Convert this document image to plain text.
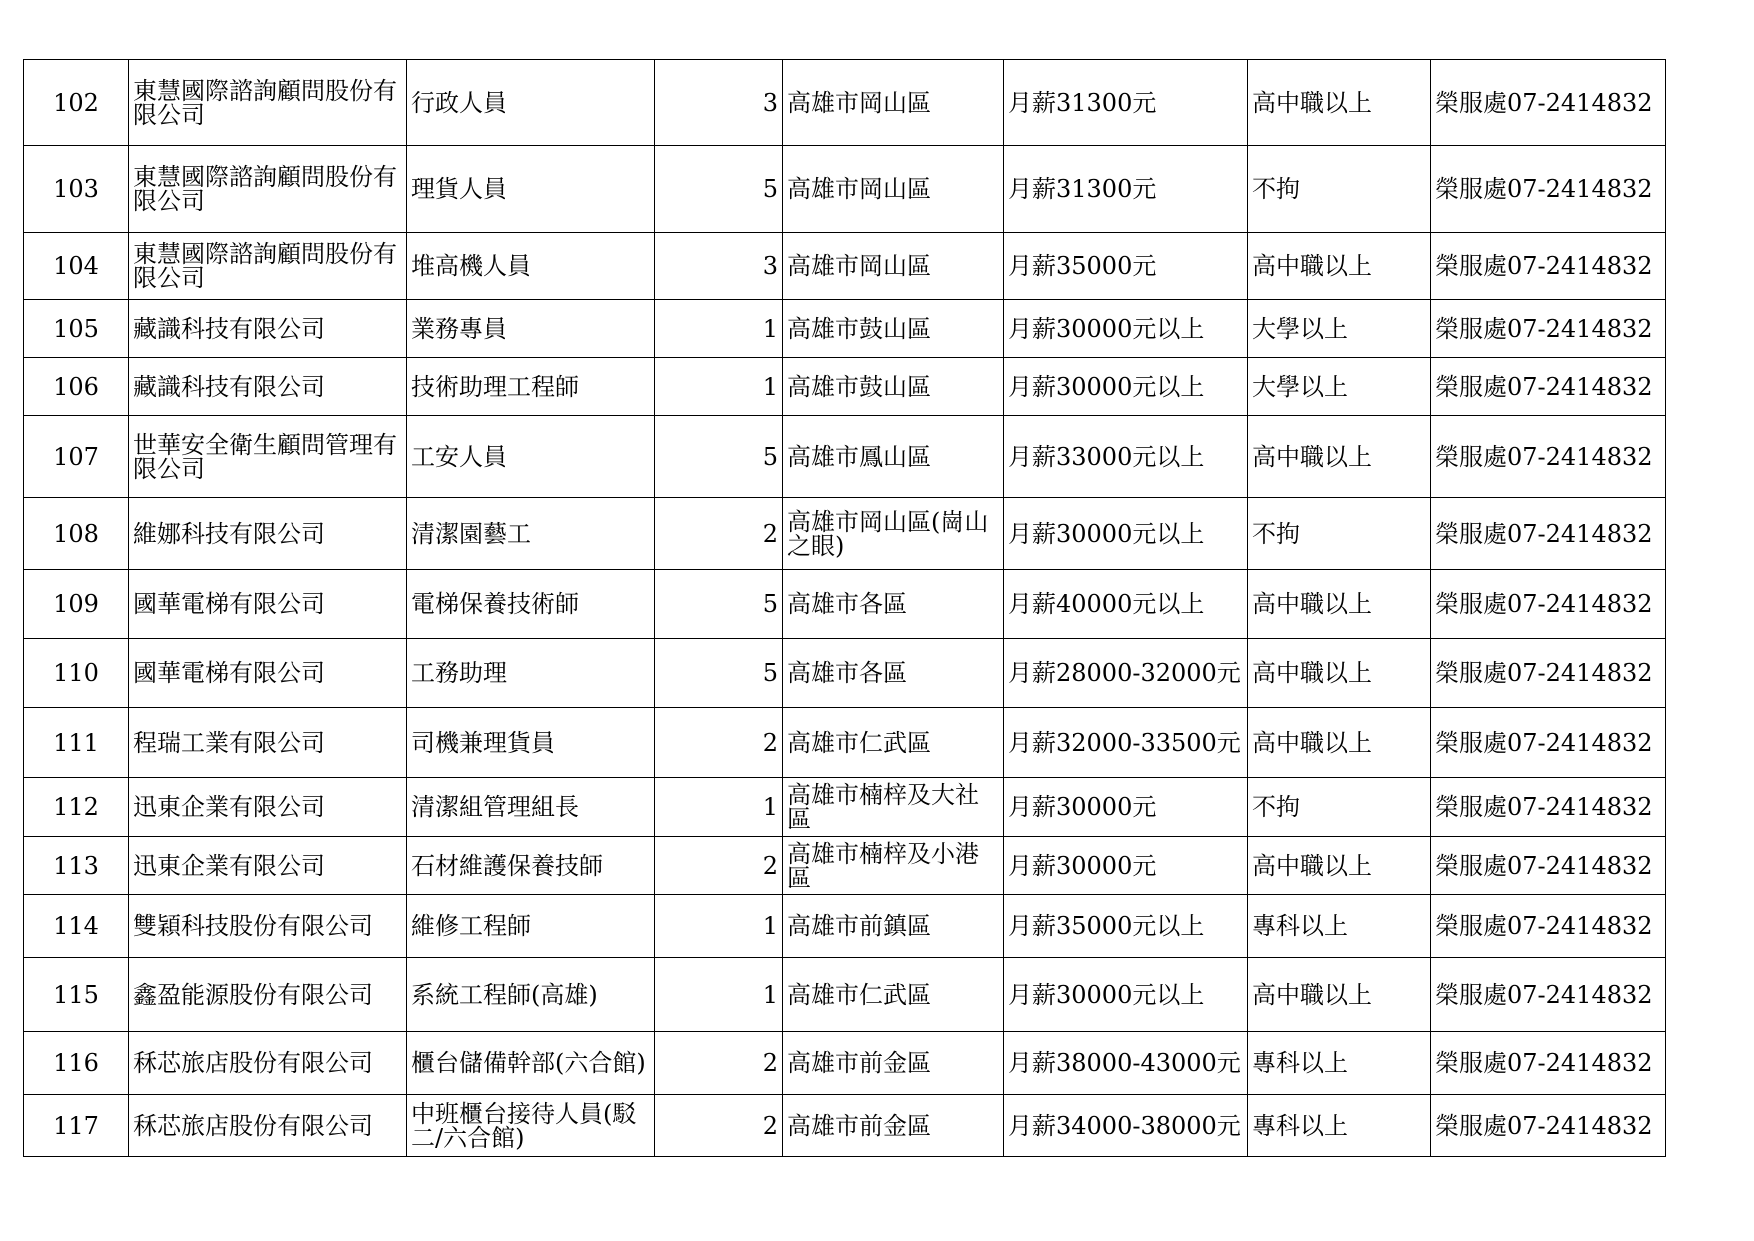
102	東慧國際諮詢顧問股份有限公司	行政人員	3	高雄市岡山區	月薪31300元	高中職以上	榮服處07-2414832
103	東慧國際諮詢顧問股份有限公司	理貨人員	5	高雄市岡山區	月薪31300元	不拘	榮服處07-2414832
104	東慧國際諮詢顧問股份有限公司	堆高機人員	3	高雄市岡山區	月薪35000元	高中職以上	榮服處07-2414832
105	藏識科技有限公司	業務專員	1	高雄市鼓山區	月薪30000元以上	大學以上	榮服處07-2414832
106	藏識科技有限公司	技術助理工程師	1	高雄市鼓山區	月薪30000元以上	大學以上	榮服處07-2414832
107	世華安全衛生顧問管理有限公司	工安人員	5	高雄市鳳山區	月薪33000元以上	高中職以上	榮服處07-2414832
108	維娜科技有限公司	清潔園藝工	2	高雄市岡山區(崗山之眼)	月薪30000元以上	不拘	榮服處07-2414832
109	國華電梯有限公司	電梯保養技術師	5	高雄市各區	月薪40000元以上	高中職以上	榮服處07-2414832
110	國華電梯有限公司	工務助理	5	高雄市各區	月薪28000-32000元	高中職以上	榮服處07-2414832
111	程瑞工業有限公司	司機兼理貨員	2	高雄市仁武區	月薪32000-33500元	高中職以上	榮服處07-2414832
112	迅東企業有限公司	清潔組管理組長	1	高雄市楠梓及大社區	月薪30000元	不拘	榮服處07-2414832
113	迅東企業有限公司	石材維護保養技師	2	高雄市楠梓及小港區	月薪30000元	高中職以上	榮服處07-2414832
114	雙穎科技股份有限公司	維修工程師	1	高雄市前鎮區	月薪35000元以上	專科以上	榮服處07-2414832
115	鑫盈能源股份有限公司	系統工程師(高雄)	1	高雄市仁武區	月薪30000元以上	高中職以上	榮服處07-2414832
116	秝芯旅店股份有限公司	櫃台儲備幹部(六合館)	2	高雄市前金區	月薪38000-43000元	專科以上	榮服處07-2414832
117	秝芯旅店股份有限公司	中班櫃台接待人員(駁二/六合館)	2	高雄市前金區	月薪34000-38000元	專科以上	榮服處07-2414832
